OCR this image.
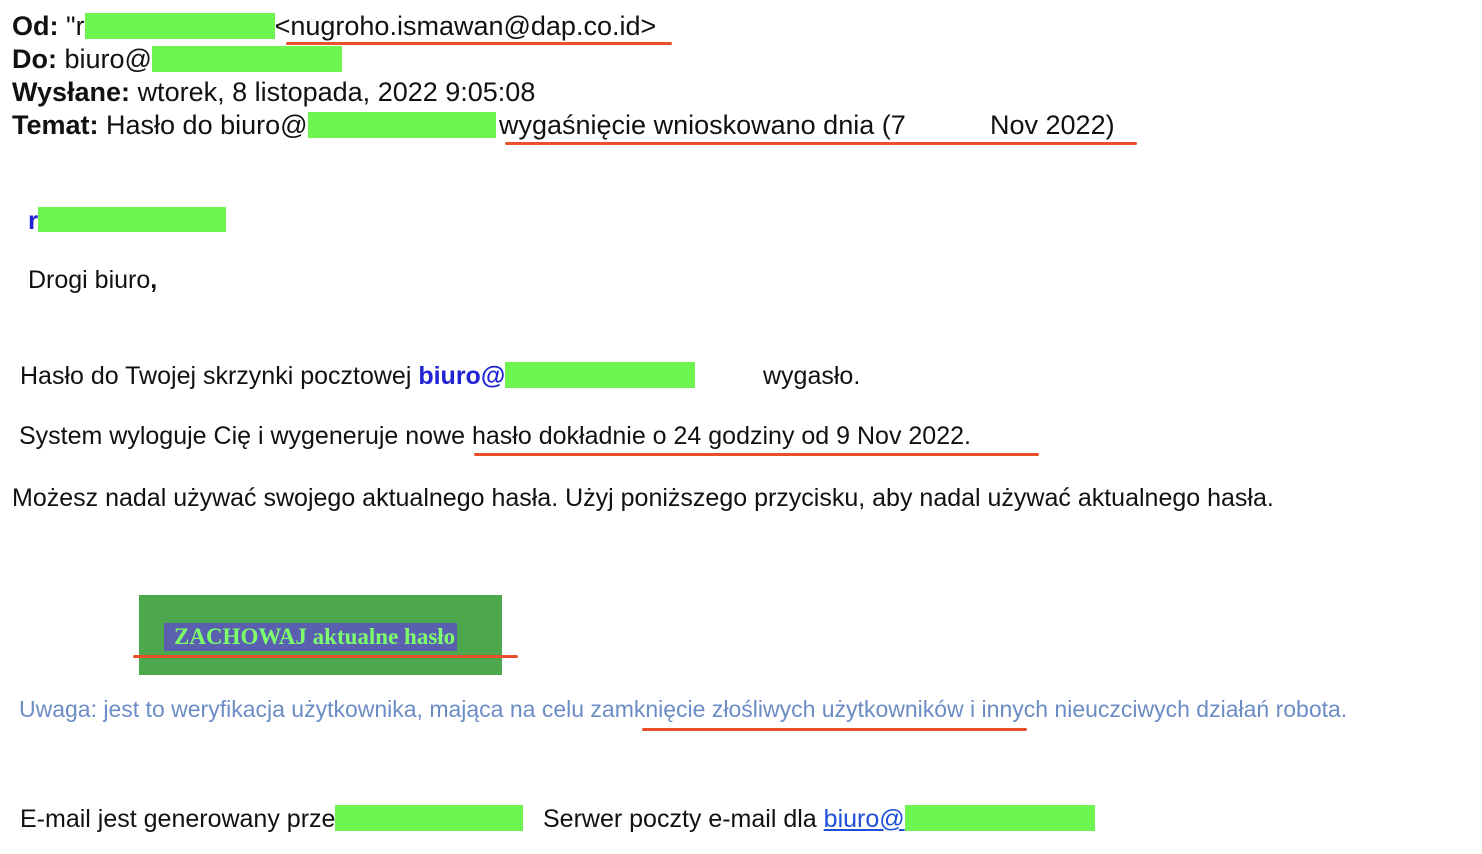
Od: "r	<nugroho.ismawan@dap.co.id>
Do: biuro@
Wysłane: wtorek, 8 listopada, 2022 9:05:08
Temat: Hasło do biuro@	wygaśnięcie wnioskowano dnia (7	Nov 2022)
r
Drogi biuro,
Hasło do Twojej skrzynki pocztowej biuro@	wygasło.
System wyloguje Cię i wygeneruje nowe hasło dokładnie o 24 godziny od 9 Nov 2022.
Możesz nadal używać swojego aktualnego hasła. Użyj poniższego przycisku, aby nadal używać aktualnego hasła.
ZACHOWAJ aktualne hasło
Uwaga: jest to weryfikacja użytkownika, mająca na celu zamknięcie złośliwych użytkowników i innych nieuczciwych działań robota.
E-mail jest generowany prze	Serwer poczty e-mail dla biuro@
